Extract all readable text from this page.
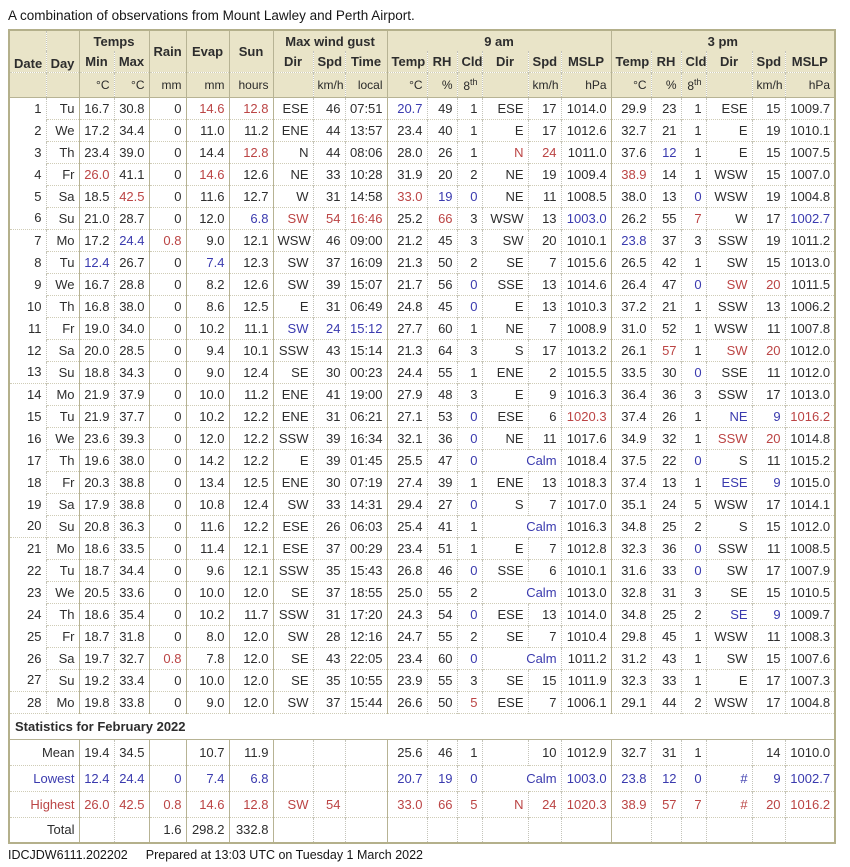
A combination of observations from Mount Lawley and Perth Airport.
Date	Day	Temps		Rain	Evap	Sun	Max wind gust			9 am						3 pm					
		Min	Max				Dir	Spd	Time	Temp	RH	Cld	Dir	Spd	MSLP	Temp	RH	Cld	Dir	Spd	MSLP
		°C	°C	mm	mm	hours		km/h	local	°C	%	8th		km/h	hPa	°C	%	8th		km/h	hPa
1	Tu	16.7	30.8	0	14.6	12.8	ESE	46	07:51	20.7	49	1	ESE	17	1014.0	29.9	23	1	ESE	15	1009.7
2	We	17.2	34.4	0	11.0	11.2	ENE	44	13:57	23.4	40	1	E	17	1012.6	32.7	21	1	E	19	1010.1
3	Th	23.4	39.0	0	14.4	12.8	N	44	08:06	28.0	26	1	N	24	1011.0	37.6	12	1	E	15	1007.5
4	Fr	26.0	41.1	0	14.6	12.6	NE	33	10:28	31.9	20	2	NE	19	1009.4	38.9	14	1	WSW	15	1007.0
5	Sa	18.5	42.5	0	11.6	12.7	W	31	14:58	33.0	19	0	NE	11	1008.5	38.0	13	0	WSW	19	1004.8
6	Su	21.0	28.7	0	12.0	6.8	SW	54	16:46	25.2	66	3	WSW	13	1003.0	26.2	55	7	W	17	1002.7
7	Mo	17.2	24.4	0.8	9.0	12.1	WSW	46	09:00	21.2	45	3	SW	20	1010.1	23.8	37	3	SSW	19	1011.2
8	Tu	12.4	26.7	0	7.4	12.3	SW	37	16:09	21.3	50	2	SE	7	1015.6	26.5	42	1	SW	15	1013.0
9	We	16.7	28.8	0	8.2	12.6	SW	39	15:07	21.7	56	0	SSE	13	1014.6	26.4	47	0	SW	20	1011.5
10	Th	16.8	38.0	0	8.6	12.5	E	31	06:49	24.8	45	0	E	13	1010.3	37.2	21	1	SSW	13	1006.2
11	Fr	19.0	34.0	0	10.2	11.1	SW	24	15:12	27.7	60	1	NE	7	1008.9	31.0	52	1	WSW	11	1007.8
12	Sa	20.0	28.5	0	9.4	10.1	SSW	43	15:14	21.3	64	3	S	17	1013.2	26.1	57	1	SW	20	1012.0
13	Su	18.8	34.3	0	9.0	12.4	SE	30	00:23	24.4	55	1	ENE	2	1015.5	33.5	30	0	SSE	11	1012.0
14	Mo	21.9	37.9	0	10.0	11.2	ENE	41	19:00	27.9	48	3	E	9	1016.3	36.4	36	3	SSW	17	1013.0
15	Tu	21.9	37.7	0	10.2	12.2	ENE	31	06:21	27.1	53	0	ESE	6	1020.3	37.4	26	1	NE	9	1016.2
16	We	23.6	39.3	0	12.0	12.2	SSW	39	16:34	32.1	36	0	NE	11	1017.6	34.9	32	1	SSW	20	1014.8
17	Th	19.6	38.0	0	14.2	12.2	E	39	01:45	25.5	47	0	Calm		1018.4	37.5	22	0	S	11	1015.2
18	Fr	20.3	38.8	0	13.4	12.5	ENE	30	07:19	27.4	39	1	ENE	13	1018.3	37.4	13	1	ESE	9	1015.0
19	Sa	17.9	38.8	0	10.8	12.4	SW	33	14:31	29.4	27	0	S	7	1017.0	35.1	24	5	WSW	17	1014.1
20	Su	20.8	36.3	0	11.6	12.2	ESE	26	06:03	25.4	41	1	Calm		1016.3	34.8	25	2	S	15	1012.0
21	Mo	18.6	33.5	0	11.4	12.1	ESE	37	00:29	23.4	51	1	E	7	1012.8	32.3	36	0	SSW	11	1008.5
22	Tu	18.7	34.4	0	9.6	12.1	SSW	35	15:43	26.8	46	0	SSE	6	1010.1	31.6	33	0	SW	17	1007.9
23	We	20.5	33.6	0	10.0	12.0	SE	37	18:55	25.0	55	2	Calm		1013.0	32.8	31	3	SE	15	1010.5
24	Th	18.6	35.4	0	10.2	11.7	SSW	31	17:20	24.3	54	0	ESE	13	1014.0	34.8	25	2	SE	9	1009.7
25	Fr	18.7	31.8	0	8.0	12.0	SW	28	12:16	24.7	55	2	SE	7	1010.4	29.8	45	1	WSW	11	1008.3
26	Sa	19.7	32.7	0.8	7.8	12.0	SE	43	22:05	23.4	60	0	Calm		1011.2	31.2	43	1	SW	15	1007.6
27	Su	19.2	33.4	0	10.0	12.0	SE	35	10:55	23.9	55	3	SE	15	1011.9	32.3	33	1	E	17	1007.3
28	Mo	19.8	33.8	0	9.0	12.0	SW	37	15:44	26.6	50	5	ESE	7	1006.1	29.1	44	2	WSW	17	1004.8
Statistics for February 2022																					
Mean		19.4	34.5		10.7	11.9				25.6	46	1		10	1012.9	32.7	31	1		14	1010.0
Lowest		12.4	24.4	0	7.4	6.8				20.7	19	0	Calm		1003.0	23.8	12	0	#	9	1002.7
Highest		26.0	42.5	0.8	14.6	12.8	SW	54		33.0	66	5	N	24	1020.3	38.9	57	7	#	20	1016.2
Total				1.6	298.2	332.8															
IDCJDW6111.202202 Prepared at 13:03 UTC on Tuesday 1 March 2022
